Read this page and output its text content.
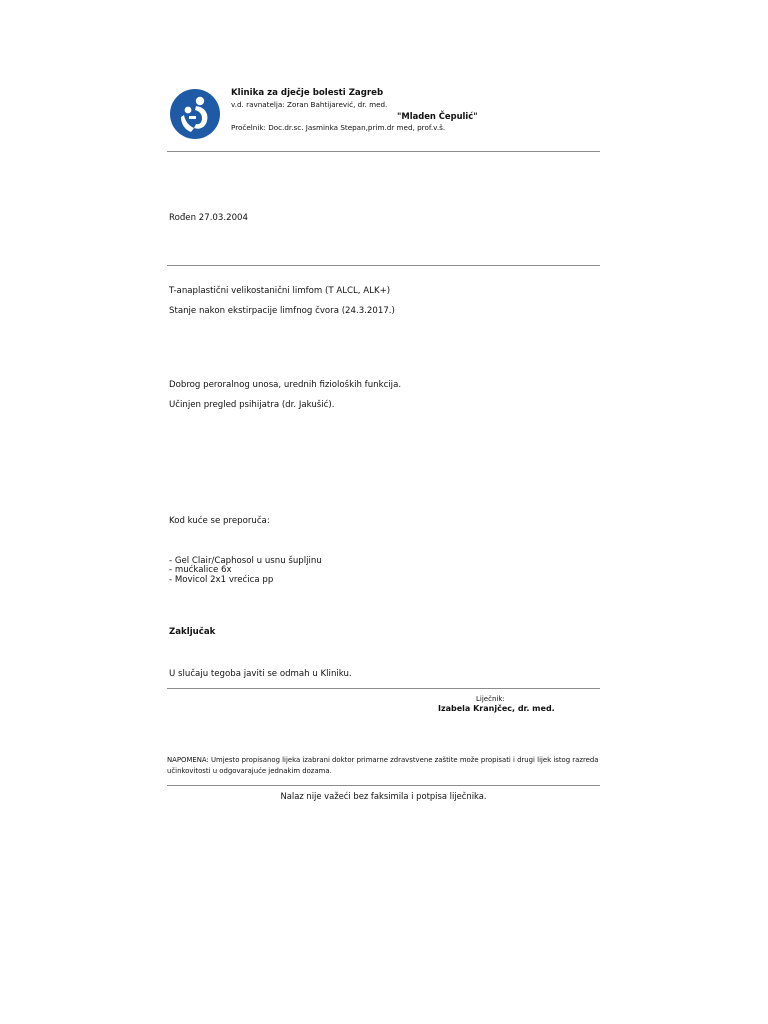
Klinika za dječje bolesti Zagreb
v.d. ravnatelja: Zoran Bahtijarević, dr. med.
"Mladen Čepulić"
Pročelnik: Doc.dr.sc. Jasminka Stepan,prim.dr med, prof.v.š.
Rođen 27.03.2004
T-anaplastični velikostanični limfom (T ALCL, ALK+)
Stanje nakon ekstirpacije limfnog čvora (24.3.2017.)
Dobrog peroralnog unosa, urednih fizioloških funkcija.
Učinjen pregled psihijatra (dr. Jakušić).
Kod kuće se preporuča:
- Gel Clair/Caphosol u usnu šupljinu
- mućkalice 6x
- Movicol 2x1 vrećica pp
Zaključak
U slučaju tegoba javiti se odmah u Kliniku.
Liječnik:
Izabela Kranjčec, dr. med.
NAPOMENA: Umjesto propisanog lijeka izabrani doktor primarne zdravstvene zaštite može propisati i drugi lijek istog razreda učinkovitosti u odgovarajuće jednakim dozama.
Nalaz nije važeći bez faksimila i potpisa liječnika.
